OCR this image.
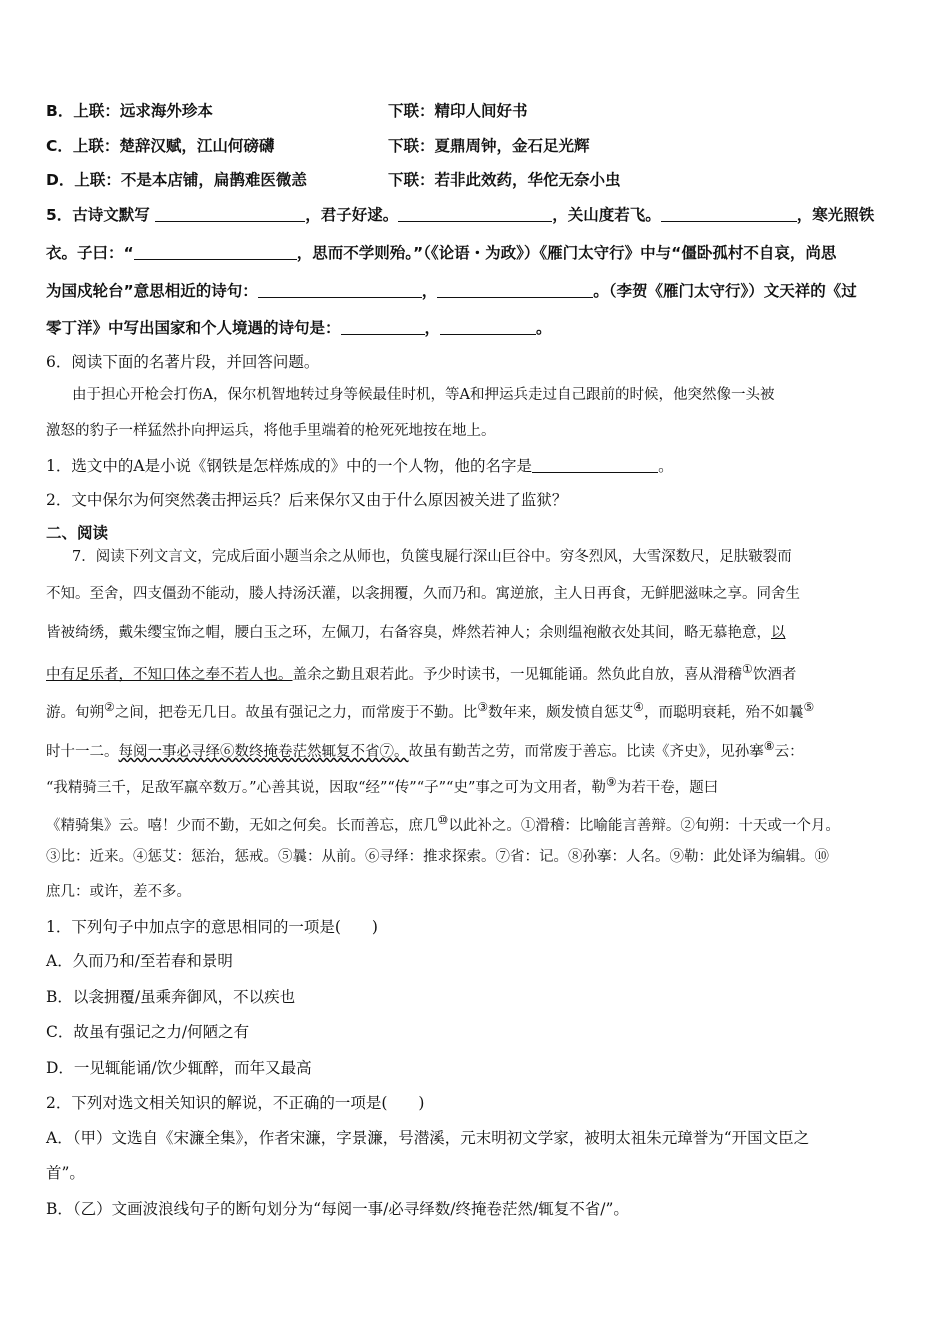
B．上联：远求海外珍本	下联：精印人间好书
C．上联：楚辞汉赋，江山何磅礴	下联：夏鼎周钟，金石足光辉
D．上联：不是本店铺，扁鹊难医微恙	下联：若非此效药，华佗无奈小虫
5．古诗文默写	，君子好逑。	，关山度若飞。	，寒光照铁
衣。子曰：“	，思而不学则殆。”（《论语・为政》）《雁门太守行》中与“僵卧孤村不自哀，尚思
为国戍轮台”意思相近的诗句：	，	。（李贺《雁门太守行》）文天祥的《过
零丁洋》中写出国家和个人境遇的诗句是：	，	。
6．阅读下面的名著片段，并回答问题。
由于担心开枪会打伤A，保尔机智地转过身等候最佳时机，等A和押运兵走过自己跟前的时候，他突然像一头被
激怒的豹子一样猛然扑向押运兵，将他手里端着的枪死死地按在地上。
1．选文中的A是小说《钢铁是怎样炼成的》中的一个人物，他的名字是	。
2．文中保尔为何突然袭击押运兵？后来保尔又由于什么原因被关进了监狱？
二、阅读
7．阅读下列文言文，完成后面小题当余之从师也，负箧曳屣行深山巨谷中。穷冬烈风，大雪深数尺，足肤皲裂而
不知。至舍，四支僵劲不能动，媵人持汤沃灌，以衾拥覆，久而乃和。寓逆旅，主人日再食，无鲜肥滋味之享。同舍生
皆被绮绣，戴朱缨宝饰之帽，腰白玉之环，左佩刀，右备容臭，烨然若神人；余则缊袍敝衣处其间，略无慕艳意，以
中有足乐者，不知口体之奉不若人也。盖余之勤且艰若此。予少时读书，一见辄能诵。然负此自放，喜从滑稽①饮酒者
游。旬朔②之间，把卷无几日。故虽有强记之力，而常废于不勤。比③数年来，颇发愤自惩艾④，而聪明衰耗，殆不如曩⑤
时十一二。每阅一事必寻绎⑥数终掩卷茫然辄复不省⑦。故虽有勤苦之劳，而常废于善忘。比读《齐史》，见孙搴⑧云：
“我精骑三千，足敌军羸卒数万。”心善其说，因取“经”“传”“子”“史”事之可为文用者，勒⑨为若干卷，题曰
《精骑集》云。嘻！少而不勤，无如之何矣。长而善忘，庶几⑩以此补之。①滑稽：比喻能言善辩。②旬朔：十天或一个月。
③比：近来。④惩艾：惩治，惩戒。⑤曩：从前。⑥寻绎：推求探索。⑦省：记。⑧孙搴：人名。⑨勒：此处译为编辑。⑩
庶几：或许，差不多。
1．下列句子中加点字的意思相同的一项是(　　)
A．久而乃和/至若春和景明
B．以衾拥覆/虽乘奔御风，不以疾也
C．故虽有强记之力/何陋之有
D．一见辄能诵/饮少辄醉，而年又最高
2．下列对选文相关知识的解说，不正确的一项是(　　)
A．（甲）文选自《宋濂全集》，作者宋濂，字景濂，号潜溪，元末明初文学家，被明太祖朱元璋誉为“开国文臣之
首”。
B．（乙）文画波浪线句子的断句划分为“每阅一事/必寻绎数/终掩卷茫然/辄复不省/”。
